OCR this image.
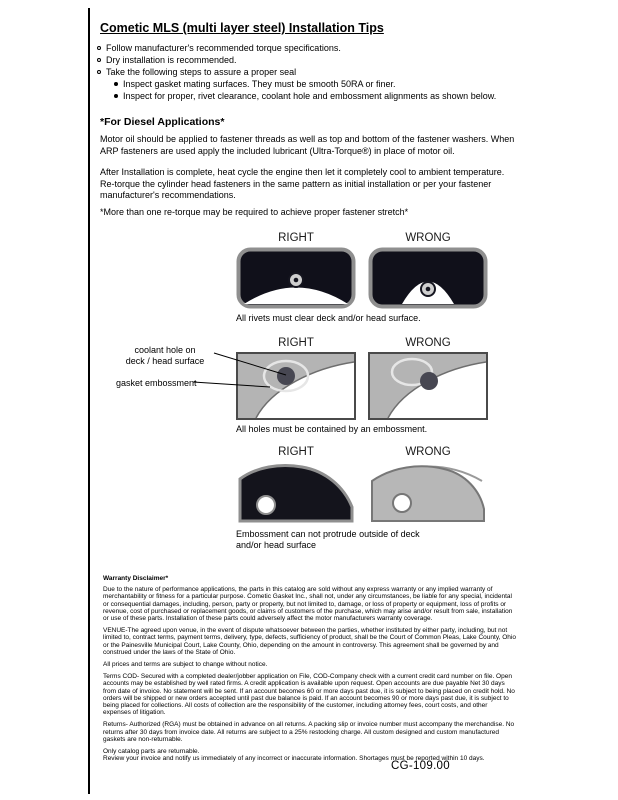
Cometic MLS (multi layer steel) Installation Tips
Follow manufacturer's recommended torque specifications.
Dry installation is recommended.
Take the following steps to assure a proper seal
Inspect gasket mating surfaces. They must be smooth 50RA or finer.
Inspect for proper, rivet clearance, coolant hole and embossment alignments as shown below.
*For Diesel Applications*

Motor oil should be applied to fastener threads as well as top and bottom of the fastener washers. When ARP fasteners are used apply the included lubricant (Ultra-Torque®) in place of motor oil.

After Installation is complete, heat cycle the engine then let it completely cool to ambient temperature. Re-torque the cylinder head fasteners in the same pattern as initial installation or per your fastener manufacturer's recommendations.

*More than one re-torque may be required to achieve proper fastener stretch*
RIGHT	WRONG
All rivets must clear deck and/or head surface.
RIGHT	WRONG
All holes must be contained by an embossment.
RIGHT	WRONG
Embossment can not protrude outside of deck and/or head surface
coolant hole on
deck / head surface
gasket embossment
Warranty Disclaimer*

Due to the nature of performance applications, the parts in this catalog are sold without any express warranty or any implied warranty of merchantability or fitness for a particular purpose. Cometic Gasket Inc., shall not, under any circumstances, be liable for any special, incidental or consequential damages, including, person, party or property, but not limited to, damage, or loss of property or equipment, loss of profits or revenue, cost of purchased or replacement goods, or claims of customers of the purchase, which may arise and/or result from sale, installation or use of these parts. Installation of these parts could adversely affect the motor manufacturers warranty coverage.

VENUE-The agreed upon venue, in the event of dispute whatsoever between the parties, whether instituted by either party, including, but not limited to, contract terms, payment terms, delivery, type, defects, sufficiency of product, shall be the Court of Common Pleas, Lake County, Ohio or the Painesville Municipal Court, Lake County, Ohio, depending on the amount in controversy. This agreement shall be governed by and construed under the laws of the State of Ohio.

All prices and terms are subject to change without notice.

Terms COD- Secured with a completed dealer/jobber application on File, COD-Company check with a current credit card number on file. Open accounts may be established by well rated firms. A credit application is available upon request. Open accounts are due payable Net 30 days from date of invoice. No statement will be sent. If an account becomes 60 or more days past due, it is subject to being placed on credit hold. No orders will be shipped or new orders accepted until past due balance is paid. If an account becomes 90 or more days past due, it is subject to being placed for collections. All costs of collection are the responsibility of the customer, including attorney fees, court costs, and other expenses of litigation.

Returns- Authorized (RGA) must be obtained in advance on all returns. A packing slip or invoice number must accompany the merchandise. No returns after 30 days from invoice date. All returns are subject to a 25% restocking charge. All custom designed and custom manufactured gaskets are non-returnable.

Only catalog parts are returnable.

Review your invoice and notify us immediately of any incorrect or inaccurate information. Shortages must be reported within 10 days.

CG-109.00
